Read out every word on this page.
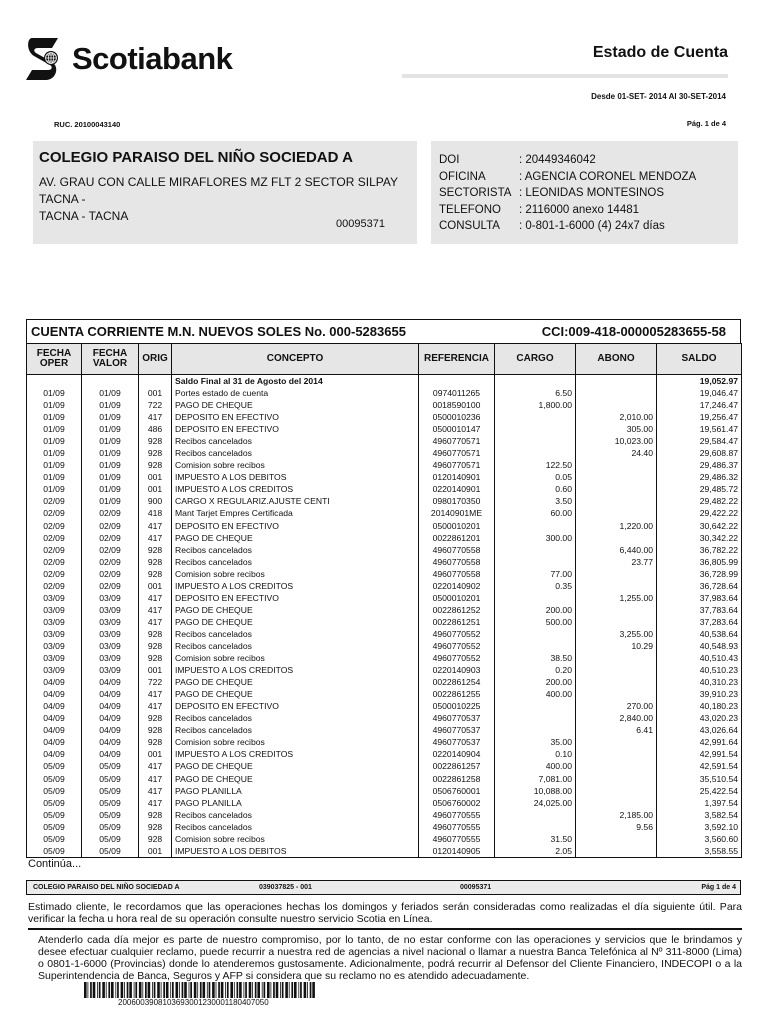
Scotiabank	Estado de Cuenta
Desde 01-SET- 2014 Al 30-SET-2014
RUC. 20100043140	Pág. 1 de 4
COLEGIO PARAISO DEL NIÑO SOCIEDAD A
AV. GRAU CON CALLE MIRAFLORES MZ FLT 2 SECTOR SILPAY
TACNA -
TACNA - TACNA
00095371
DOI	: 20449346042
OFICINA	: AGENCIA CORONEL MENDOZA
SECTORISTA : LEONIDAS MONTESINOS
TELEFONO	: 2116000 anexo 14481
CONSULTA	: 0-801-1-6000 (4) 24x7 días
CUENTA CORRIENTE M.N. NUEVOS SOLES No. 000-5283655	CCI:009-418-000005283655-58
FECHA OPER	FECHA VALOR	ORIG	CONCEPTO	REFERENCIA	CARGO	ABONO	SALDO
			Saldo Final al 31 de Agosto del 2014				19,052.97
01/09	01/09	001	Portes estado de cuenta	0974011265	6.50		19,046.47
01/09	01/09	722	PAGO DE CHEQUE	0018590100	1,800.00		17,246.47
01/09	01/09	417	DEPOSITO EN EFECTIVO	0500010236		2,010.00	19,256.47
01/09	01/09	486	DEPOSITO EN EFECTIVO	0500010147		305.00	19,561.47
01/09	01/09	928	Recibos cancelados	4960770571		10,023.00	29,584.47
01/09	01/09	928	Recibos cancelados	4960770571		24.40	29,608.87
01/09	01/09	928	Comision sobre recibos	4960770571	122.50		29,486.37
01/09	01/09	001	IMPUESTO A LOS DEBITOS	0120140901	0.05		29,486.32
01/09	01/09	001	IMPUESTO A LOS CREDITOS	0220140901	0.60		29,485.72
02/09	01/09	900	CARGO X REGULARIZ.AJUSTE CENTI	0980170350	3.50		29,482.22
02/09	02/09	418	Mant Tarjet Empres Certificada	20140901ME	60.00		29,422.22
02/09	02/09	417	DEPOSITO EN EFECTIVO	0500010201		1,220.00	30,642.22
02/09	02/09	417	PAGO DE CHEQUE	0022861201	300.00		30,342.22
02/09	02/09	928	Recibos cancelados	4960770558		6,440.00	36,782.22
02/09	02/09	928	Recibos cancelados	4960770558		23.77	36,805.99
02/09	02/09	928	Comision sobre recibos	4960770558	77.00		36,728.99
02/09	02/09	001	IMPUESTO A LOS CREDITOS	0220140902	0.35		36,728.64
03/09	03/09	417	DEPOSITO EN EFECTIVO	0500010201		1,255.00	37,983.64
03/09	03/09	417	PAGO DE CHEQUE	0022861252	200.00		37,783.64
03/09	03/09	417	PAGO DE CHEQUE	0022861251	500.00		37,283.64
03/09	03/09	928	Recibos cancelados	4960770552		3,255.00	40,538.64
03/09	03/09	928	Recibos cancelados	4960770552		10.29	40,548.93
03/09	03/09	928	Comision sobre recibos	4960770552	38.50		40,510.43
03/09	03/09	001	IMPUESTO A LOS CREDITOS	0220140903	0.20		40,510.23
04/09	04/09	722	PAGO DE CHEQUE	0022861254	200.00		40,310.23
04/09	04/09	417	PAGO DE CHEQUE	0022861255	400.00		39,910.23
04/09	04/09	417	DEPOSITO EN EFECTIVO	0500010225		270.00	40,180.23
04/09	04/09	928	Recibos cancelados	4960770537		2,840.00	43,020.23
04/09	04/09	928	Recibos cancelados	4960770537		6.41	43,026.64
04/09	04/09	928	Comision sobre recibos	4960770537	35.00		42,991.64
04/09	04/09	001	IMPUESTO A LOS CREDITOS	0220140904	0.10		42,991.54
05/09	05/09	417	PAGO DE CHEQUE	0022861257	400.00		42,591.54
05/09	05/09	417	PAGO DE CHEQUE	0022861258	7,081.00		35,510.54
05/09	05/09	417	PAGO PLANILLA	0506760001	10,088.00		25,422.54
05/09	05/09	417	PAGO PLANILLA	0506760002	24,025.00		1,397.54
05/09	05/09	928	Recibos cancelados	4960770555		2,185.00	3,582.54
05/09	05/09	928	Recibos cancelados	4960770555		9.56	3,592.10
05/09	05/09	928	Comision sobre recibos	4960770555	31.50		3,560.60
05/09	05/09	001	IMPUESTO A LOS DEBITOS	0120140905	2.05		3,558.55
Continúa...
COLEGIO PARAISO DEL NIÑO SOCIEDAD A	039037825 - 001	00095371	Pág 1 de 4
Estimado cliente, le recordamos que las operaciones hechas los domingos y feriados serán consideradas como realizadas el día siguiente útil. Para verificar la fecha u hora real de su operación consulte nuestro servicio Scotia en Línea.
Atenderlo cada día mejor es parte de nuestro compromiso, por lo tanto, de no estar conforme con las operaciones y servicios que le brindamos y desee efectuar cualquier reclamo, puede recurrir a nuestra red de agencias a nivel nacional o llamar a nuestra Banca Telefónica al Nº 311-8000 (Lima) o 0801-1-6000 (Provincias) donde lo atenderemos gustosamente. Adicionalmente, podrá recurrir al Defensor del Cliente Financiero, INDECOPI o a la Superintendencia de Banca, Seguros y AFP si considera que su reclamo no es atendido adecuadamente.
20060039081036930012300011804070​50
